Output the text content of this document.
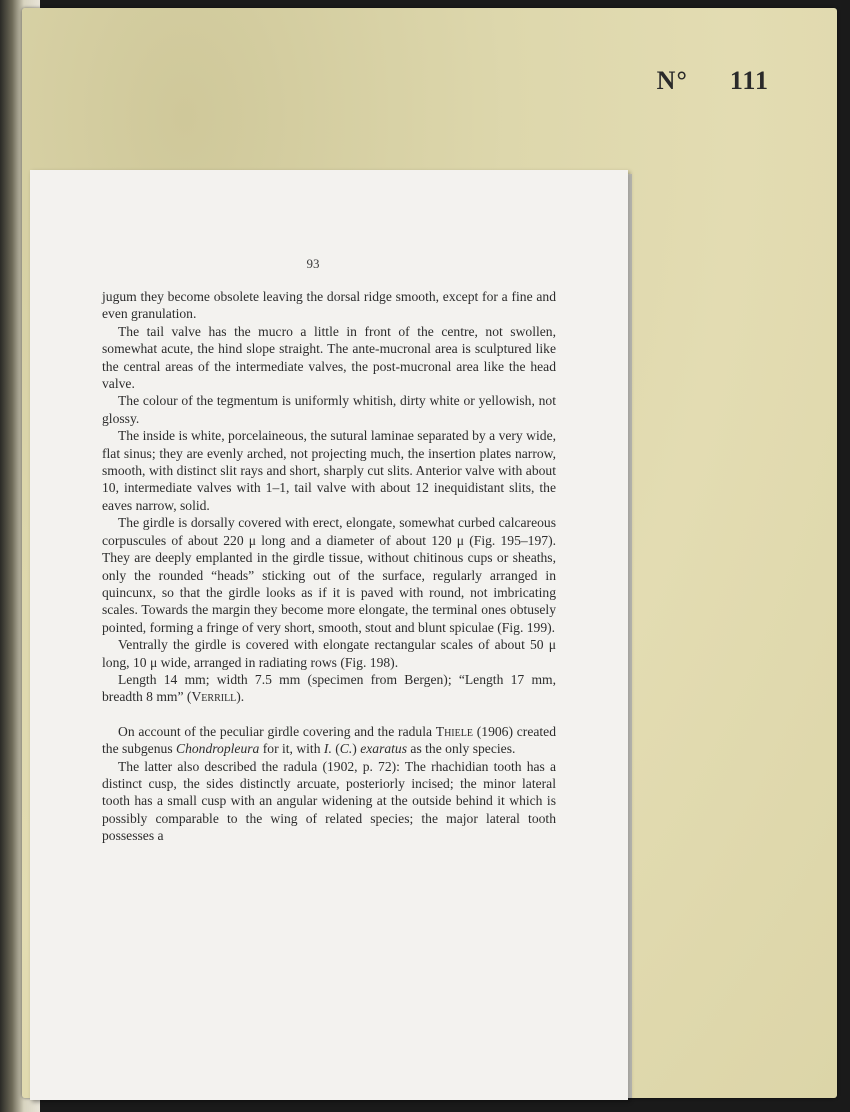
N° 111
93

jugum they become obsolete leaving the dorsal ridge smooth, except for a fine and even granulation.

The tail valve has the mucro a little in front of the centre, not swollen, somewhat acute, the hind slope straight. The ante-mucronal area is sculptured like the central areas of the intermediate valves, the post-mucronal area like the head valve.

The colour of the tegmentum is uniformly whitish, dirty white or yellowish, not glossy.

The inside is white, porcelaineous, the sutural laminae separated by a very wide, flat sinus; they are evenly arched, not projecting much, the insertion plates narrow, smooth, with distinct slit rays and short, sharply cut slits. Anterior valve with about 10, intermediate valves with 1–1, tail valve with about 12 inequidistant slits, the eaves narrow, solid.

The girdle is dorsally covered with erect, elongate, somewhat curbed calcareous corpuscules of about 220 μ long and a diameter of about 120 μ (Fig. 195–197). They are deeply emplanted in the girdle tissue, without chitinous cups or sheaths, only the rounded “heads” sticking out of the surface, regularly arranged in quincunx, so that the girdle looks as if it is paved with round, not imbricating scales. Towards the margin they become more elongate, the terminal ones obtusely pointed, forming a fringe of very short, smooth, stout and blunt spiculae (Fig. 199).

Ventrally the girdle is covered with elongate rectangular scales of about 50 μ long, 10 μ wide, arranged in radiating rows (Fig. 198).

Length 14 mm; width 7.5 mm (specimen from Bergen); “Length 17 mm, breadth 8 mm” (Verrill).

On account of the peculiar girdle covering and the radula Thiele (1906) created the subgenus Chondropleura for it, with I. (C.) exaratus as the only species.

The latter also described the radula (1902, p. 72): The rhachidian tooth has a distinct cusp, the sides distinctly arcuate, posteriorly incised; the minor lateral tooth has a small cusp with an angular widening at the outside behind it which is possibly comparable to the wing of related species; the major lateral tooth possesses a
